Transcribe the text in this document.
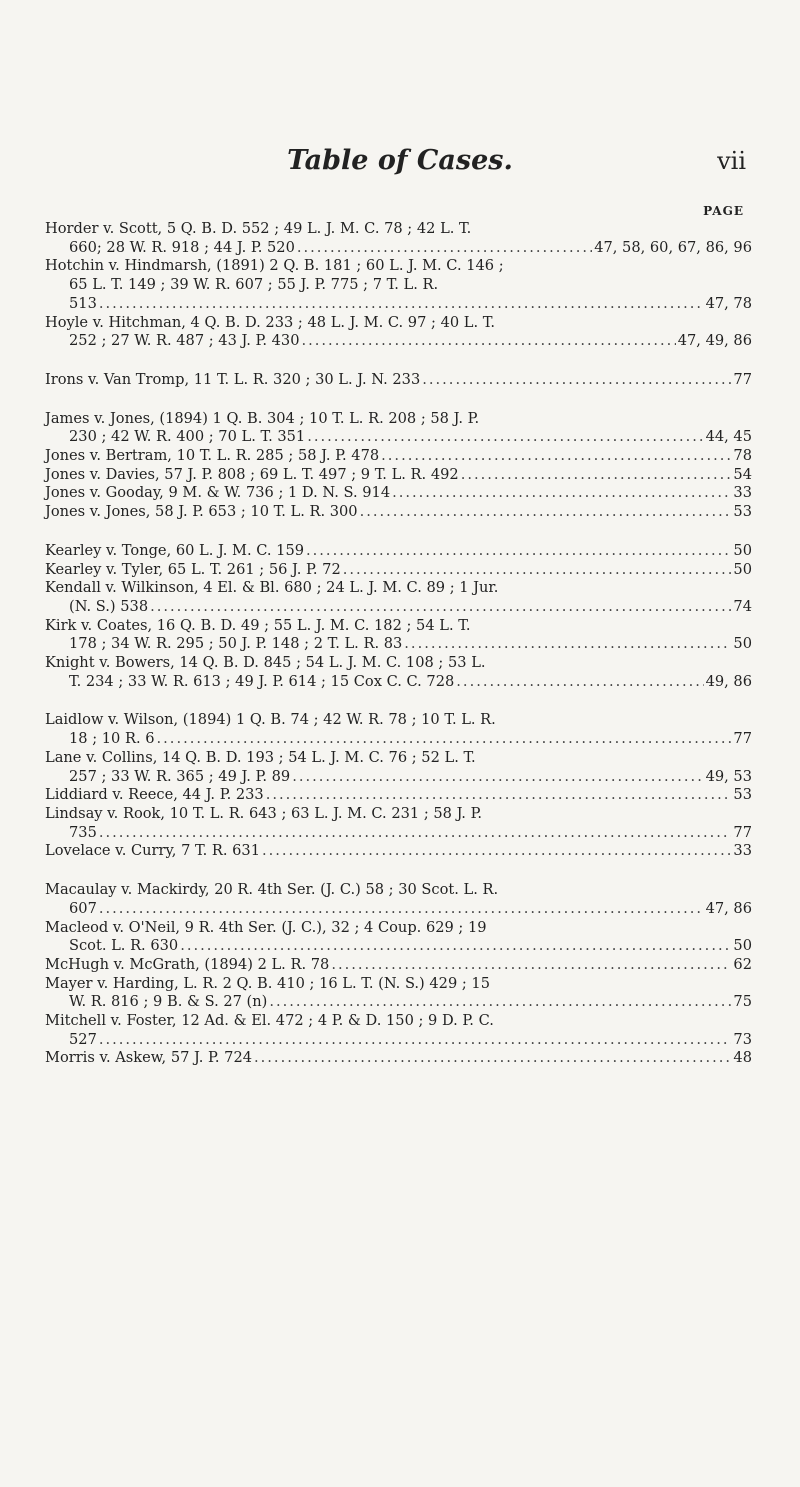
Table of Cases.	vii
PAGE
Horder v. Scott, 5 Q. B. D. 552 ; 49 L. J. M. C. 78 ; 42 L. T.
660; 28 W. R. 918 ; 44 J. P. 520 .....	47, 58, 60, 67, 86, 96
Hotchin v. Hindmarsh, (1891) 2 Q. B. 181 ; 60 L. J. M. C. 146 ;
65 L. T. 149 ; 39 W. R. 607 ; 55 J. P. 775 ; 7 T. L. R.
513 .....	47, 78
Hoyle v. Hitchman, 4 Q. B. D. 233 ; 48 L. J. M. C. 97 ; 40 L. T.
252 ; 27 W. R. 487 ; 43 J. P. 430 .....	47, 49, 86
Irons v. Van Tromp, 11 T. L. R. 320 ; 30 L. J. N. 233 .....	77
James v. Jones, (1894) 1 Q. B. 304 ; 10 T. L. R. 208 ; 58 J. P.
230 ; 42 W. R. 400 ; 70 L. T. 351 .....	44, 45
Jones v. Bertram, 10 T. L. R. 285 ; 58 J. P. 478 .....	78
Jones v. Davies, 57 J. P. 808 ; 69 L. T. 497 ; 9 T. L. R. 492 .....	54
Jones v. Gooday, 9 M. & W. 736 ; 1 D. N. S. 914 .....	33
Jones v. Jones, 58 J. P. 653 ; 10 T. L. R. 300 .....	53
Kearley v. Tonge, 60 L. J. M. C. 159 .....	50
Kearley v. Tyler, 65 L. T. 261 ; 56 J. P. 72 .....	50
Kendall v. Wilkinson, 4 El. & Bl. 680 ; 24 L. J. M. C. 89 ; 1 Jur.
(N. S.) 538 .....	74
Kirk v. Coates, 16 Q. B. D. 49 ; 55 L. J. M. C. 182 ; 54 L. T.
178 ; 34 W. R. 295 ; 50 J. P. 148 ; 2 T. L. R. 83 .....	50
Knight v. Bowers, 14 Q. B. D. 845 ; 54 L. J. M. C. 108 ; 53 L.
T. 234 ; 33 W. R. 613 ; 49 J. P. 614 ; 15 Cox C. C. 728 .....	49, 86
Laidlow v. Wilson, (1894) 1 Q. B. 74 ; 42 W. R. 78 ; 10 T. L. R.
18 ; 10 R. 6 .....	77
Lane v. Collins, 14 Q. B. D. 193 ; 54 L. J. M. C. 76 ; 52 L. T.
257 ; 33 W. R. 365 ; 49 J. P. 89 .....	49, 53
Liddiard v. Reece, 44 J. P. 233 .....	53
Lindsay v. Rook, 10 T. L. R. 643 ; 63 L. J. M. C. 231 ; 58 J. P.
735 .....	77
Lovelace v. Curry, 7 T. R. 631 .....	33
Macaulay v. Mackirdy, 20 R. 4th Ser. (J. C.) 58 ; 30 Scot. L. R.
607 .....	47, 86
Macleod v. O'Neil, 9 R. 4th Ser. (J. C.), 32 ; 4 Coup. 629 ; 19
Scot. L. R. 630 .....	50
McHugh v. McGrath, (1894) 2 L. R. 78 .....	62
Mayer v. Harding, L. R. 2 Q. B. 410 ; 16 L. T. (N. S.) 429 ; 15
W. R. 816 ; 9 B. & S. 27 (n) .....	75
Mitchell v. Foster, 12 Ad. & El. 472 ; 4 P. & D. 150 ; 9 D. P. C.
527 .....	73
Morris v. Askew, 57 J. P. 724 .....	48
